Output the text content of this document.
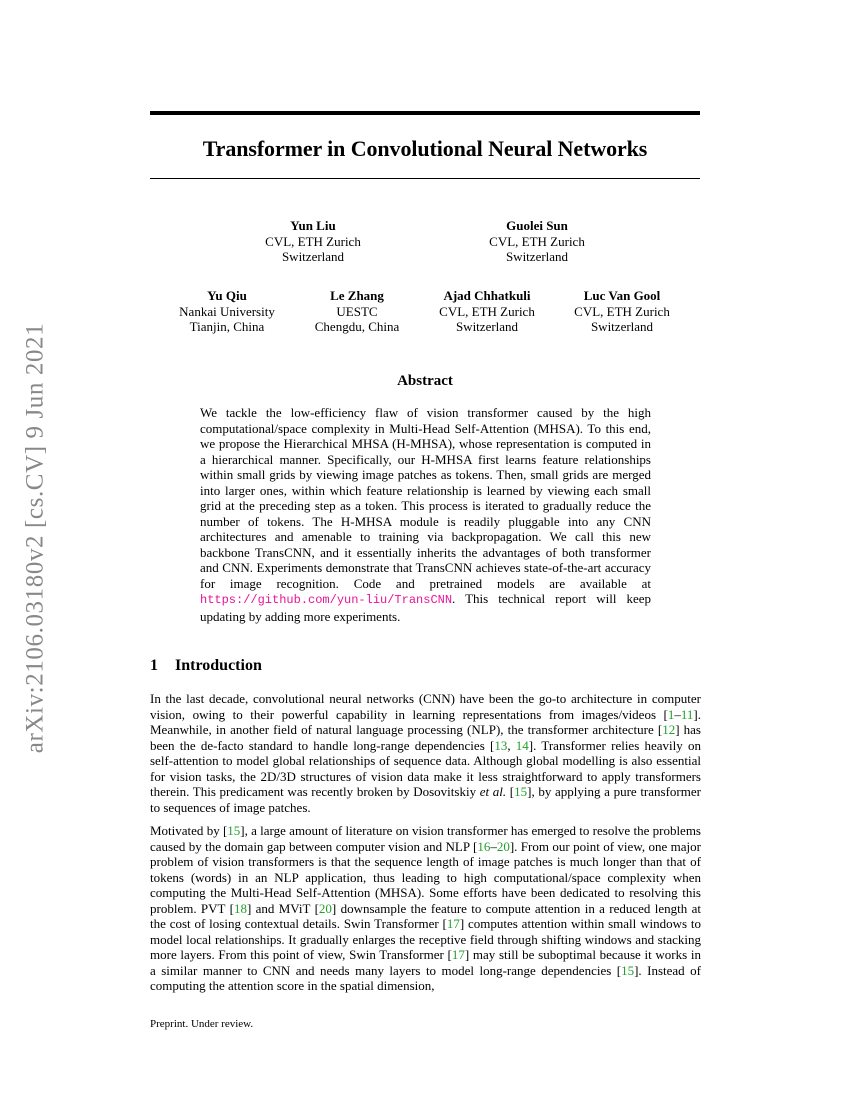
arXiv:2106.03180v2 [cs.CV] 9 Jun 2021
Transformer in Convolutional Neural Networks
Yun Liu
CVL, ETH Zurich
Switzerland
Guolei Sun
CVL, ETH Zurich
Switzerland
Yu Qiu
Nankai University
Tianjin, China
Le Zhang
UESTC
Chengdu, China
Ajad Chhatkuli
CVL, ETH Zurich
Switzerland
Luc Van Gool
CVL, ETH Zurich
Switzerland
Abstract
We tackle the low-efficiency flaw of vision transformer caused by the high computational/space complexity in Multi-Head Self-Attention (MHSA). To this end, we propose the Hierarchical MHSA (H-MHSA), whose representation is computed in a hierarchical manner. Specifically, our H-MHSA first learns feature relationships within small grids by viewing image patches as tokens. Then, small grids are merged into larger ones, within which feature relationship is learned by viewing each small grid at the preceding step as a token. This process is iterated to gradually reduce the number of tokens. The H-MHSA module is readily pluggable into any CNN architectures and amenable to training via backpropagation. We call this new backbone TransCNN, and it essentially inherits the advantages of both transformer and CNN. Experiments demonstrate that TransCNN achieves state-of-the-art accuracy for image recognition. Code and pretrained models are available at https://github.com/yun-liu/TransCNN. This technical report will keep updating by adding more experiments.
1 Introduction
In the last decade, convolutional neural networks (CNN) have been the go-to architecture in computer vision, owing to their powerful capability in learning representations from images/videos [1–11]. Meanwhile, in another field of natural language processing (NLP), the transformer architecture [12] has been the de-facto standard to handle long-range dependencies [13, 14]. Transformer relies heavily on self-attention to model global relationships of sequence data. Although global modelling is also essential for vision tasks, the 2D/3D structures of vision data make it less straightforward to apply transformers therein. This predicament was recently broken by Dosovitskiy et al. [15], by applying a pure transformer to sequences of image patches.
Motivated by [15], a large amount of literature on vision transformer has emerged to resolve the problems caused by the domain gap between computer vision and NLP [16–20]. From our point of view, one major problem of vision transformers is that the sequence length of image patches is much longer than that of tokens (words) in an NLP application, thus leading to high computational/space complexity when computing the Multi-Head Self-Attention (MHSA). Some efforts have been dedicated to resolving this problem. PVT [18] and MViT [20] downsample the feature to compute attention in a reduced length at the cost of losing contextual details. Swin Transformer [17] computes attention within small windows to model local relationships. It gradually enlarges the receptive field through shifting windows and stacking more layers. From this point of view, Swin Transformer [17] may still be suboptimal because it works in a similar manner to CNN and needs many layers to model long-range dependencies [15]. Instead of computing the attention score in the spatial dimension,
Preprint. Under review.
